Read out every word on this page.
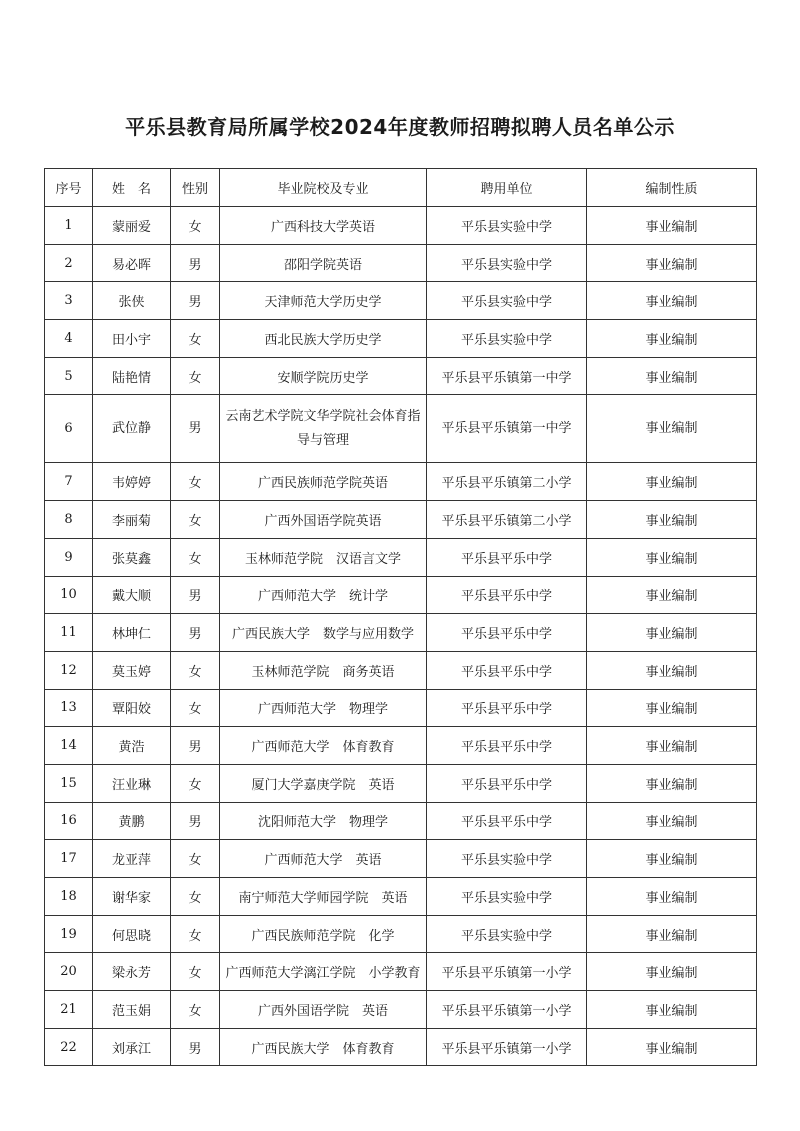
平乐县教育局所属学校2024年度教师招聘拟聘人员名单公示
序号	姓　名	性别	毕业院校及专业	聘用单位	编制性质
1	蒙丽爱	女	广西科技大学英语	平乐县实验中学	事业编制
2	易必晖	男	邵阳学院英语	平乐县实验中学	事业编制
3	张侠	男	天津师范大学历史学	平乐县实验中学	事业编制
4	田小宇	女	西北民族大学历史学	平乐县实验中学	事业编制
5	陆艳情	女	安顺学院历史学	平乐县平乐镇第一中学	事业编制
6	武位静	男	云南艺术学院文华学院社会体育指导与管理	平乐县平乐镇第一中学	事业编制
7	韦婷婷	女	广西民族师范学院英语	平乐县平乐镇第二小学	事业编制
8	李丽菊	女	广西外国语学院英语	平乐县平乐镇第二小学	事业编制
9	张莫鑫	女	玉林师范学院　汉语言文学	平乐县平乐中学	事业编制
10	戴大顺	男	广西师范大学　统计学	平乐县平乐中学	事业编制
11	林坤仁	男	广西民族大学　数学与应用数学	平乐县平乐中学	事业编制
12	莫玉婷	女	玉林师范学院　商务英语	平乐县平乐中学	事业编制
13	覃阳姣	女	广西师范大学　物理学	平乐县平乐中学	事业编制
14	黄浩	男	广西师范大学　体育教育	平乐县平乐中学	事业编制
15	汪业琳	女	厦门大学嘉庚学院　英语	平乐县平乐中学	事业编制
16	黄鹏	男	沈阳师范大学　物理学	平乐县平乐中学	事业编制
17	龙亚萍	女	广西师范大学　英语	平乐县实验中学	事业编制
18	谢华家	女	南宁师范大学师园学院　英语	平乐县实验中学	事业编制
19	何思晓	女	广西民族师范学院　化学	平乐县实验中学	事业编制
20	梁永芳	女	广西师范大学漓江学院　小学教育	平乐县平乐镇第一小学	事业编制
21	范玉娟	女	广西外国语学院　英语	平乐县平乐镇第一小学	事业编制
22	刘承江	男	广西民族大学　体育教育	平乐县平乐镇第一小学	事业编制
